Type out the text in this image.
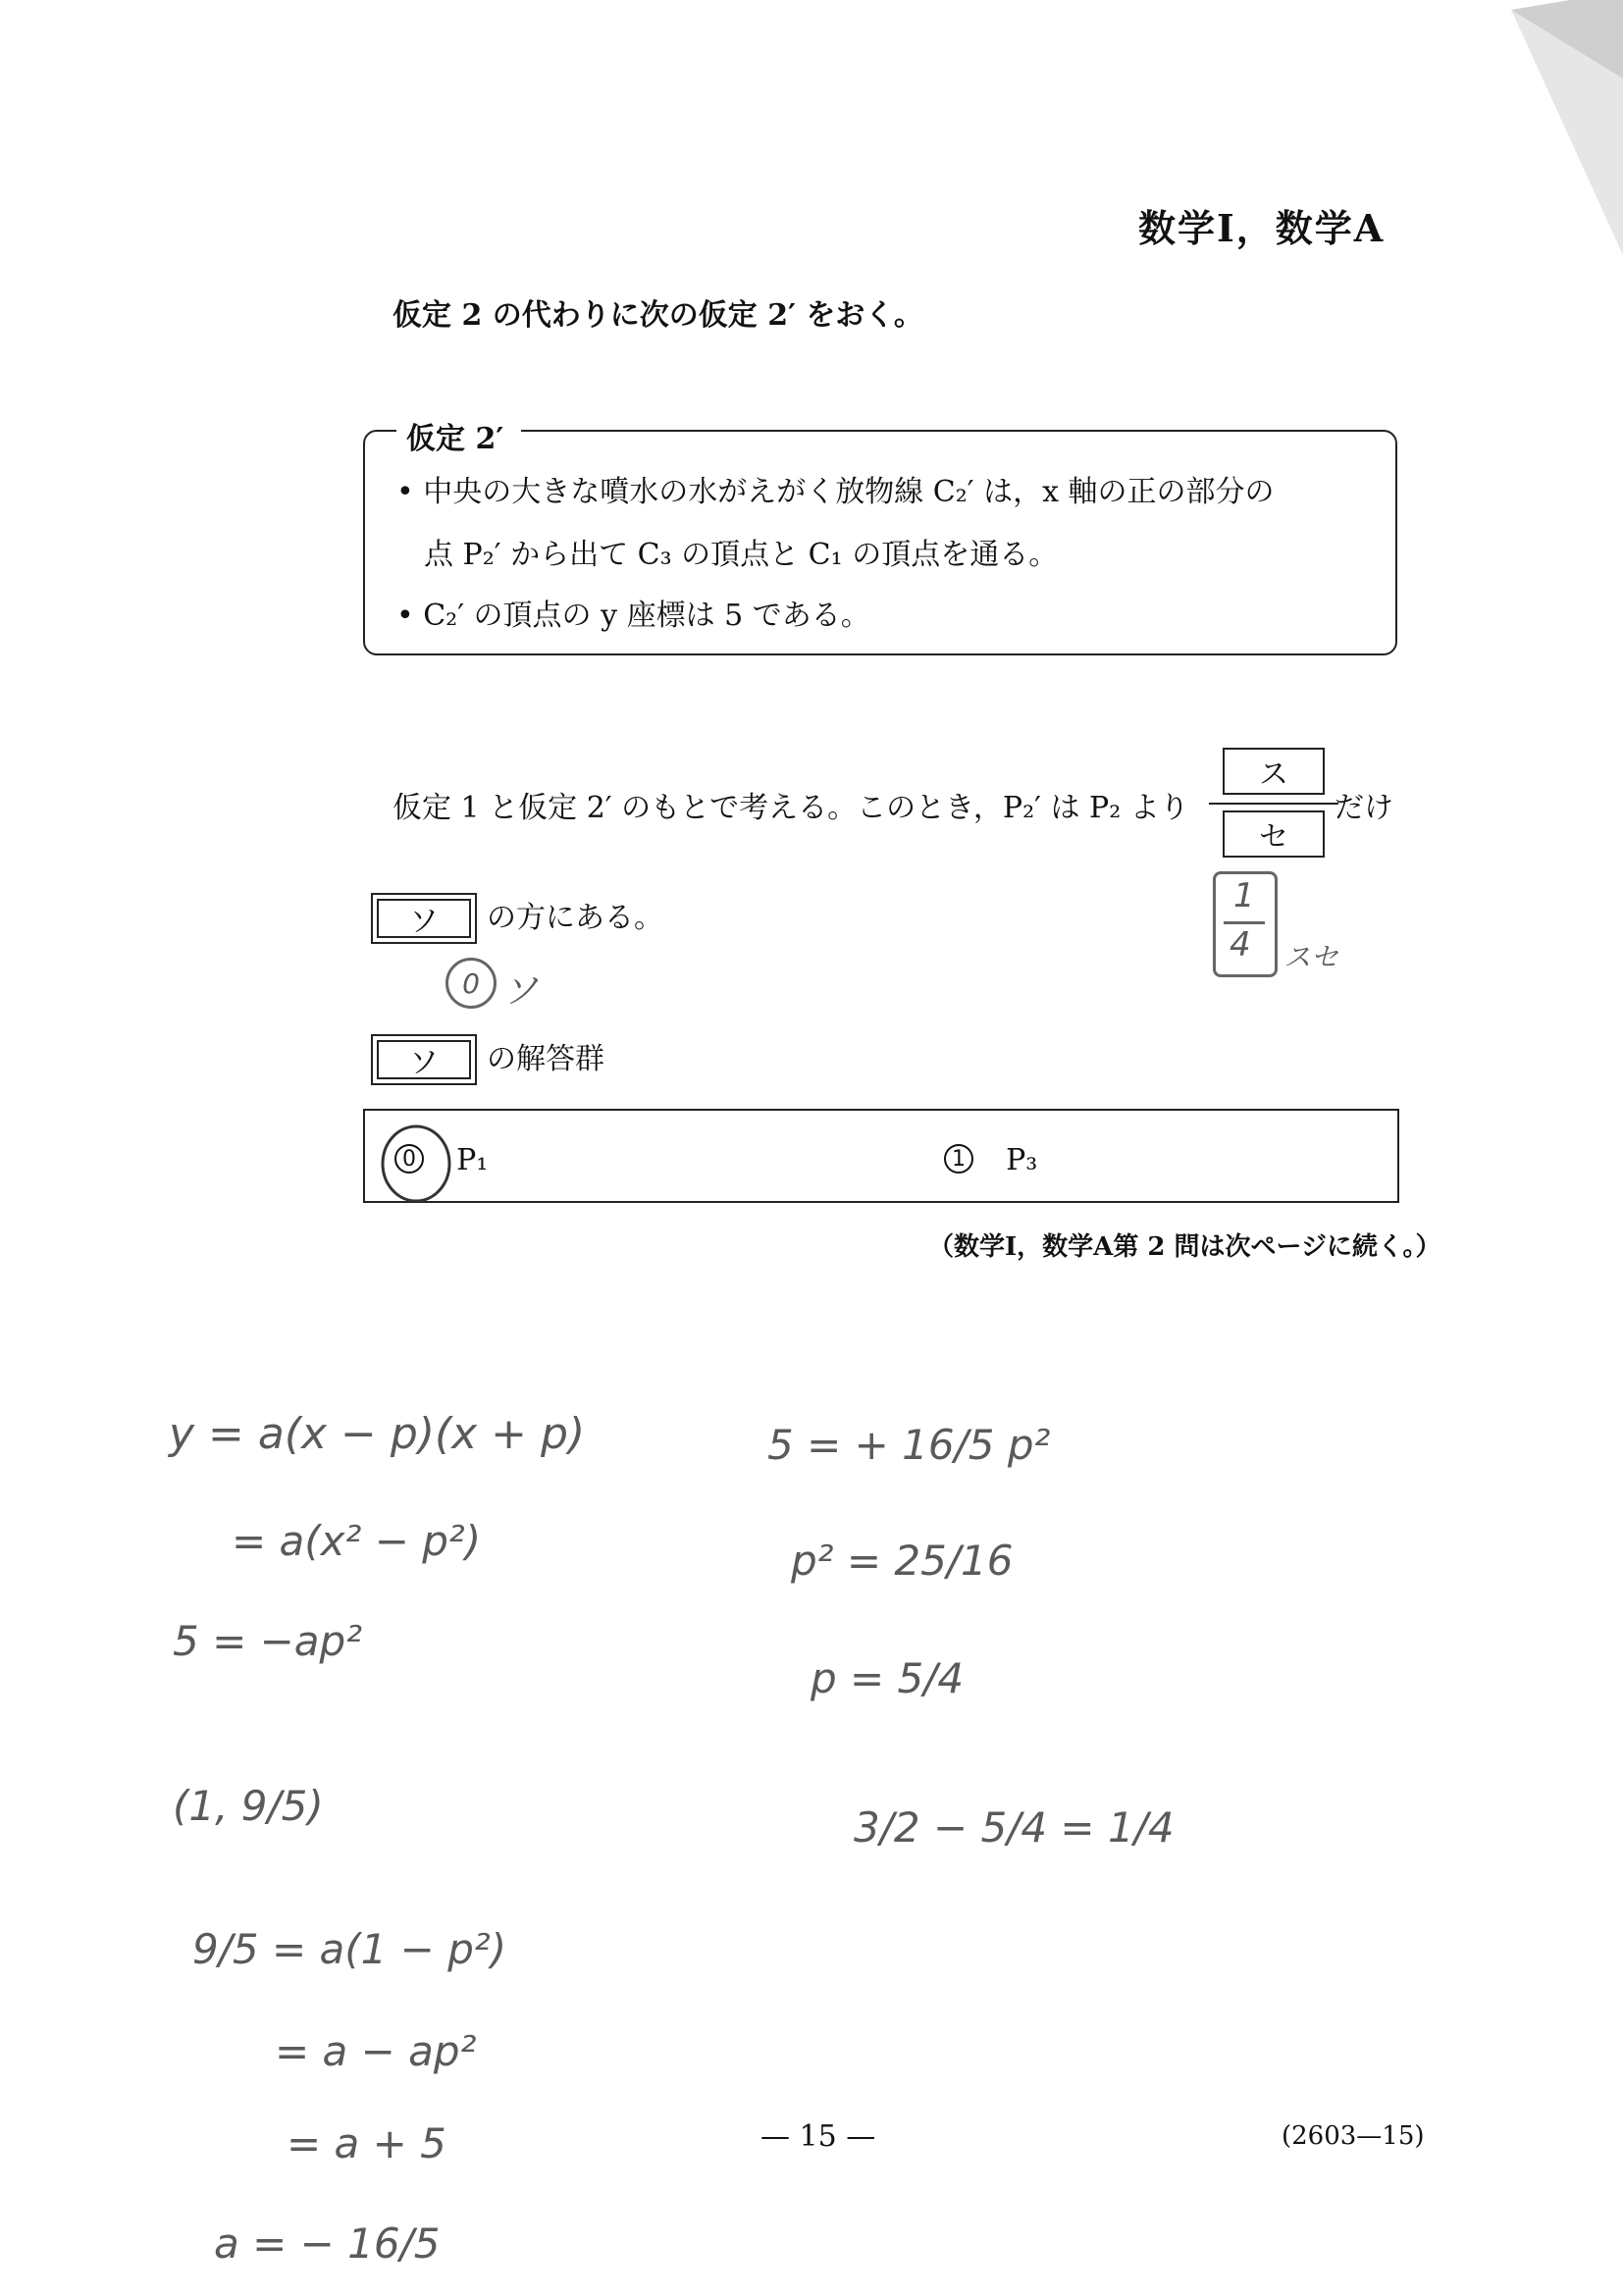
数学Ⅰ，数学A
仮定 2 の代わりに次の仮定 2′ をおく。
仮定 2′
• 中央の大きな噴水の水がえがく放物線 C₂′ は，x 軸の正の部分の
点 P₂′ から出て C₃ の頂点と C₁ の頂点を通る。
• C₂′ の頂点の y 座標は 5 である。
仮定 1 と仮定 2′ のもとで考える。このとき，P₂′ は P₂ より
ス
セ
だけ
ソ	の方にある。
ソ	の解答群
0 P₁	1 P₃
（数学Ⅰ，数学A第 2 問は次ページに続く。）
1
4 スセ
0 ソ
y = a(x − p)(x + p)
= a(x² − p²)
5 = −ap²
(1, 9/5)
9/5 = a(1 − p²)
= a − ap²
= a + 5
a = − 16/5
5 = + 16/5 p²
p² = 25/16
p = 5/4
3/2 − 5/4 = 1/4
— 15 —	(2603—15)
